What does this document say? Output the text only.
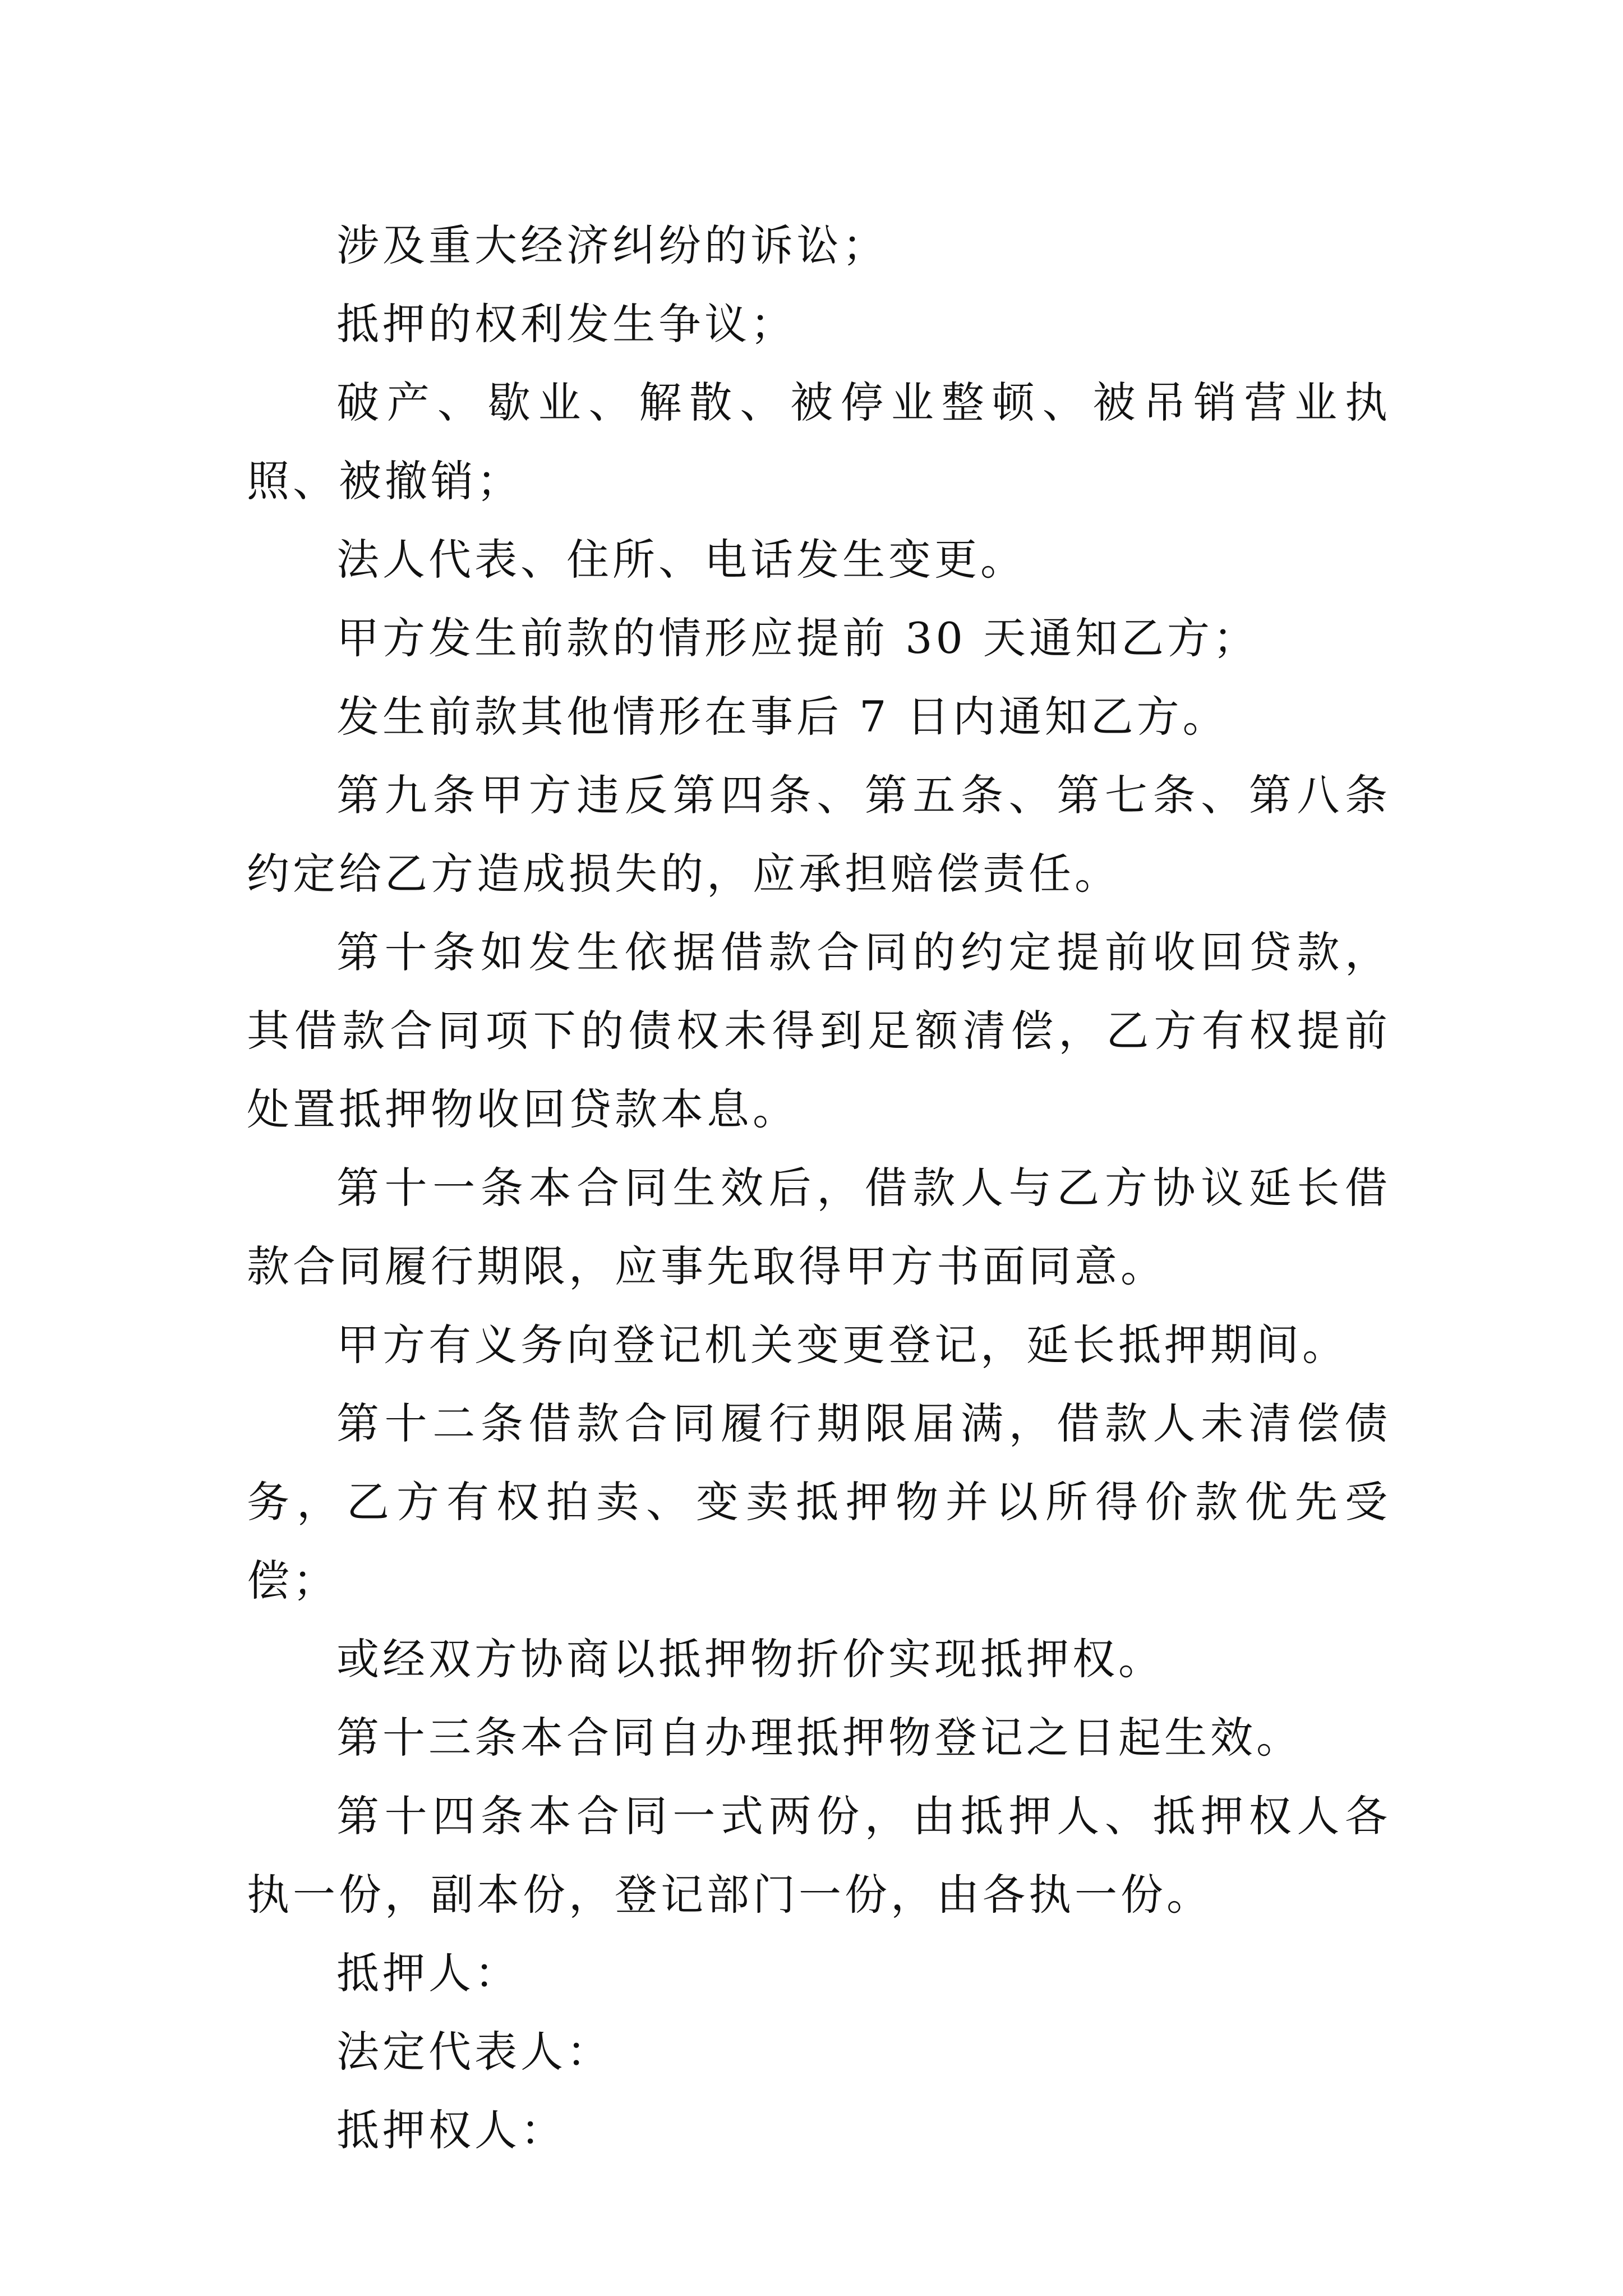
涉及重大经济纠纷的诉讼；

抵押的权利发生争议；

破产、歇业、解散、被停业整顿、被吊销营业执照、被撤销；

法人代表、住所、电话发生变更。

甲方发生前款的情形应提前 30 天通知乙方；

发生前款其他情形在事后 7 日内通知乙方。

第九条甲方违反第四条、第五条、第七条、第八条约定给乙方造成损失的，应承担赔偿责任。

第十条如发生依据借款合同的约定提前收回贷款，其借款合同项下的债权未得到足额清偿，乙方有权提前处置抵押物收回贷款本息。

第十一条本合同生效后，借款人与乙方协议延长借款合同履行期限，应事先取得甲方书面同意。

甲方有义务向登记机关变更登记，延长抵押期间。

第十二条借款合同履行期限届满，借款人未清偿债务，乙方有权拍卖、变卖抵押物并以所得价款优先受偿；

或经双方协商以抵押物折价实现抵押权。

第十三条本合同自办理抵押物登记之日起生效。

第十四条本合同一式两份，由抵押人、抵押权人各执一份，副本份，登记部门一份，由各执一份。

抵押人：

法定代表人：

抵押权人：
